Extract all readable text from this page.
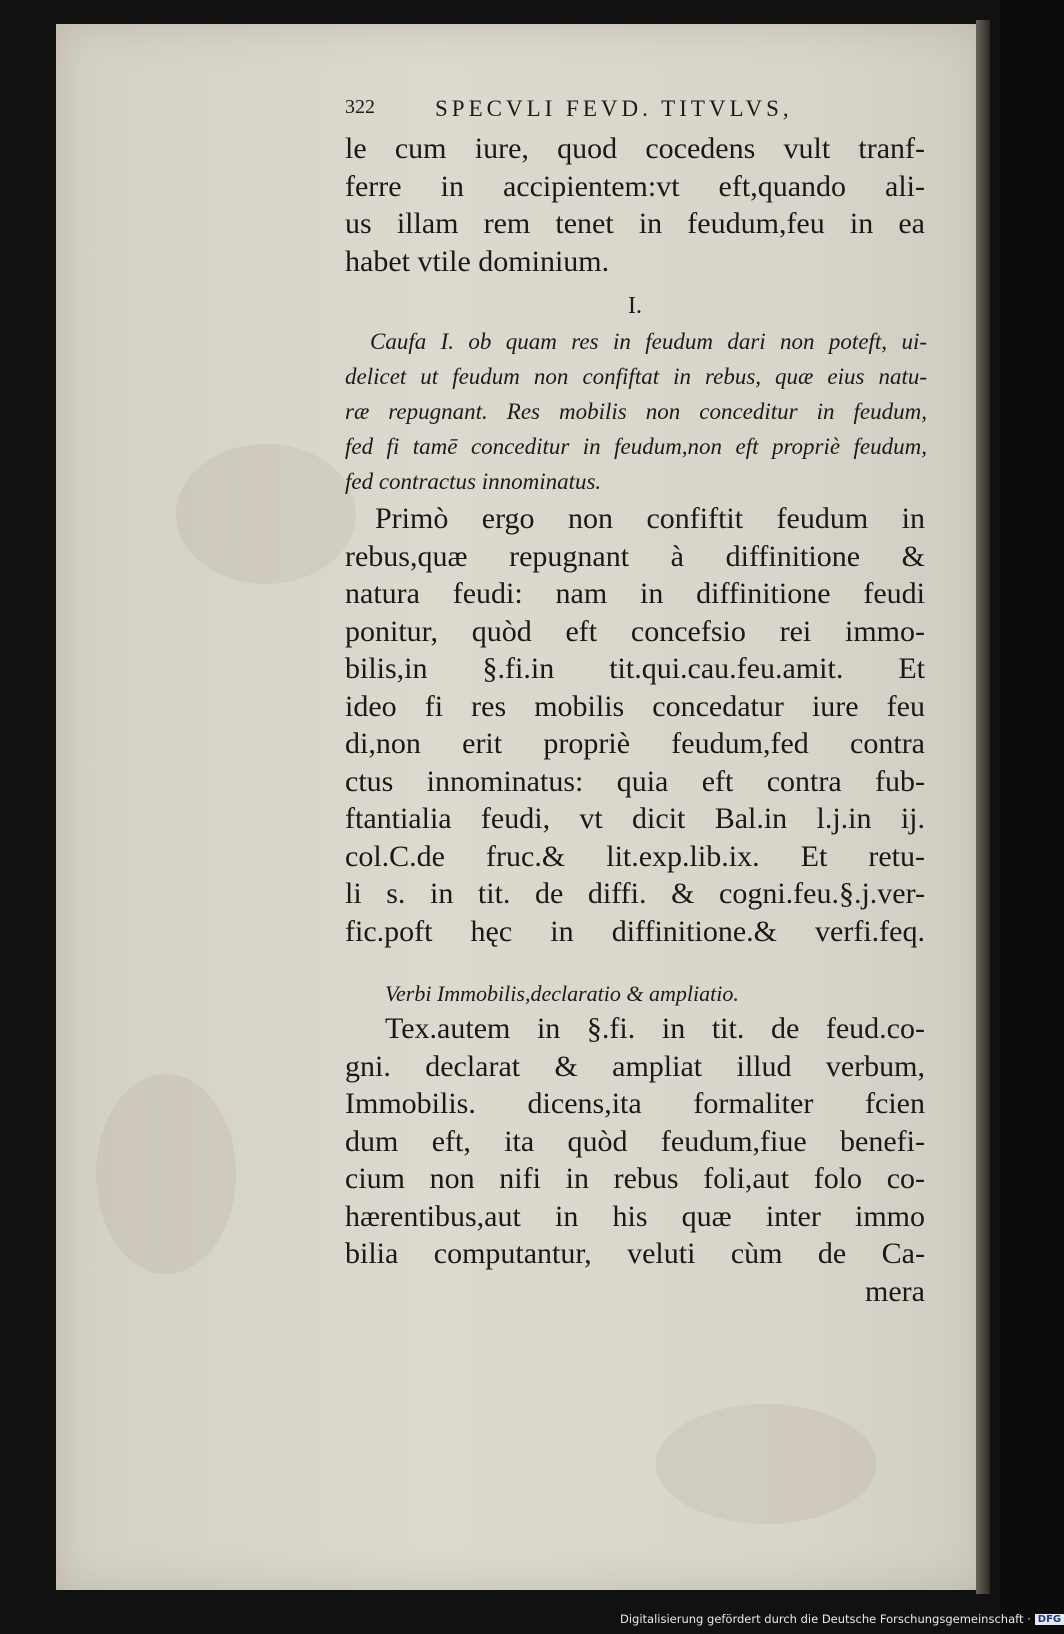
322	SPECVLI FEVD. TITVLVS,
le cum iure, quod cocedens vult tranf-
ferre in accipientem:vt eft,quando ali-
us illam rem tenet in feudum,feu in ea
habet vtile dominium.
I.
Caufa I. ob quam res in feudum dari non poteft, ui-
delicet ut feudum non confiftat in rebus, quæ eius natu-
ræ repugnant. Res mobilis non conceditur in feudum,
fed fi tamē conceditur in feudum,non eft propriè feudum,
fed contractus innominatus.
Primò ergo non confiftit feudum in
rebus,quæ repugnant à diffinitione &
natura feudi: nam in diffinitione feudi
ponitur, quòd eft concefsio rei immo-
bilis,in §.fi.in tit.qui.cau.feu.amit. Et
ideo fi res mobilis concedatur iure feu
di,non erit propriè feudum,fed contra
ctus innominatus: quia eft contra fub-
ftantialia feudi, vt dicit Bal.in l.j.in ij.
col.C.de fruc.& lit.exp.lib.ix. Et retu-
li s. in tit. de diffi. & cogni.feu.§.j.ver-
fic.poft hęc in diffinitione.& verfi.feq.
Verbi Immobilis,declaratio & ampliatio.
Tex.autem in §.fi. in tit. de feud.co-
gni. declarat & ampliat illud verbum,
Immobilis. dicens,ita formaliter fcien
dum eft, ita quòd feudum,fiue benefi-
cium non nifi in rebus foli,aut folo co-
hærentibus,aut in his quæ inter immo
bilia computantur, veluti cùm de Ca-
mera
Digitalisierung gefördert durch die Deutsche Forschungsgemeinschaft · DFG
